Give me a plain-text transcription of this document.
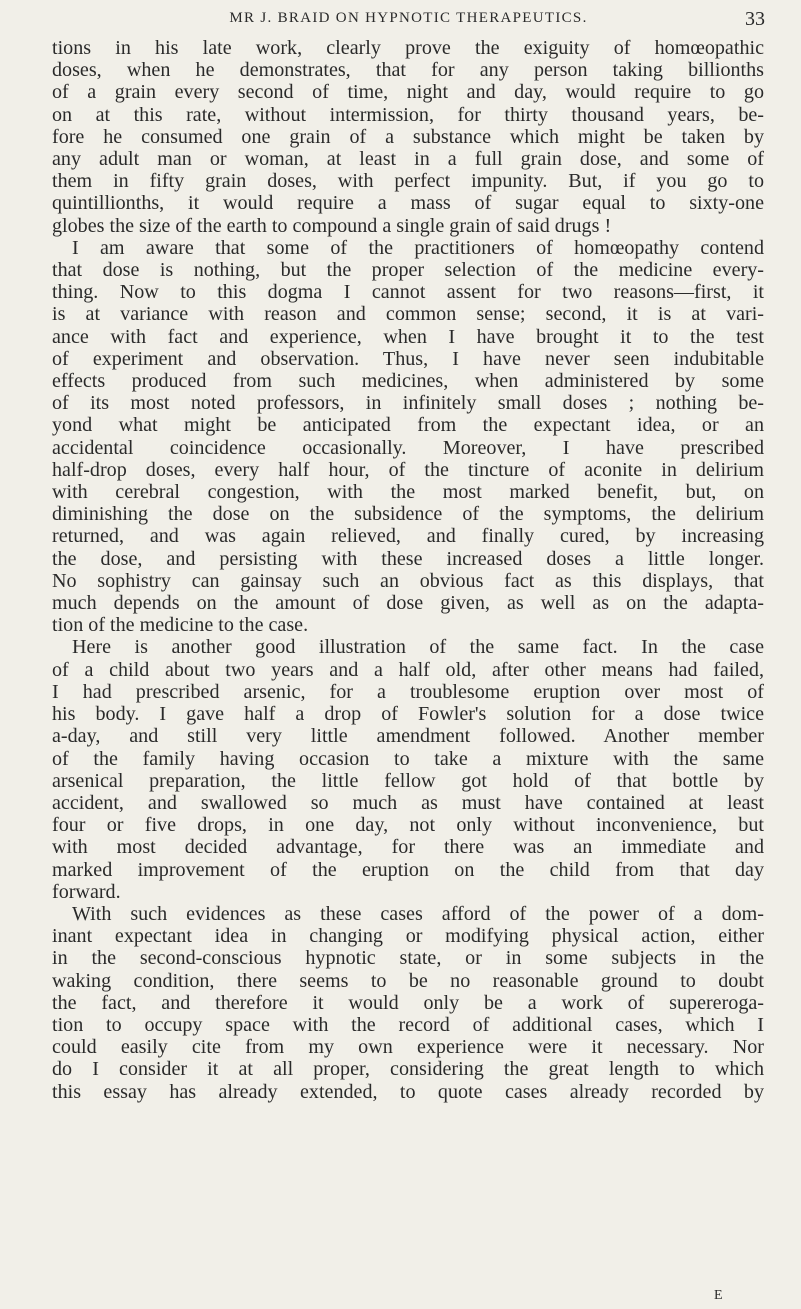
MR J. BRAID ON HYPNOTIC THERAPEUTICS.	33
tions in his late work, clearly prove the exiguity of homœopathic
doses, when he demonstrates, that for any person taking billionths
of a grain every second of time, night and day, would require to go
on at this rate, without intermission, for thirty thousand years, be-
fore he consumed one grain of a substance which might be taken by
any adult man or woman, at least in a full grain dose, and some of
them in fifty grain doses, with perfect impunity. But, if you go to
quintillionths, it would require a mass of sugar equal to sixty-one
globes the size of the earth to compound a single grain of said drugs !
I am aware that some of the practitioners of homœopathy contend
that dose is nothing, but the proper selection of the medicine every-
thing. Now to this dogma I cannot assent for two reasons—first, it
is at variance with reason and common sense; second, it is at vari-
ance with fact and experience, when I have brought it to the test
of experiment and observation. Thus, I have never seen indubitable
effects produced from such medicines, when administered by some
of its most noted professors, in infinitely small doses ; nothing be-
yond what might be anticipated from the expectant idea, or an
accidental coincidence occasionally. Moreover, I have prescribed
half-drop doses, every half hour, of the tincture of aconite in delirium
with cerebral congestion, with the most marked benefit, but, on
diminishing the dose on the subsidence of the symptoms, the delirium
returned, and was again relieved, and finally cured, by increasing
the dose, and persisting with these increased doses a little longer.
No sophistry can gainsay such an obvious fact as this displays, that
much depends on the amount of dose given, as well as on the adapta-
tion of the medicine to the case.
Here is another good illustration of the same fact. In the case
of a child about two years and a half old, after other means had failed,
I had prescribed arsenic, for a troublesome eruption over most of
his body. I gave half a drop of Fowler's solution for a dose twice
a-day, and still very little amendment followed. Another member
of the family having occasion to take a mixture with the same
arsenical preparation, the little fellow got hold of that bottle by
accident, and swallowed so much as must have contained at least
four or five drops, in one day, not only without inconvenience, but
with most decided advantage, for there was an immediate and
marked improvement of the eruption on the child from that day
forward.
With such evidences as these cases afford of the power of a dom-
inant expectant idea in changing or modifying physical action, either
in the second-conscious hypnotic state, or in some subjects in the
waking condition, there seems to be no reasonable ground to doubt
the fact, and therefore it would only be a work of supereroga-
tion to occupy space with the record of additional cases, which I
could easily cite from my own experience were it necessary. Nor
do I consider it at all proper, considering the great length to which
this essay has already extended, to quote cases already recorded by
E
